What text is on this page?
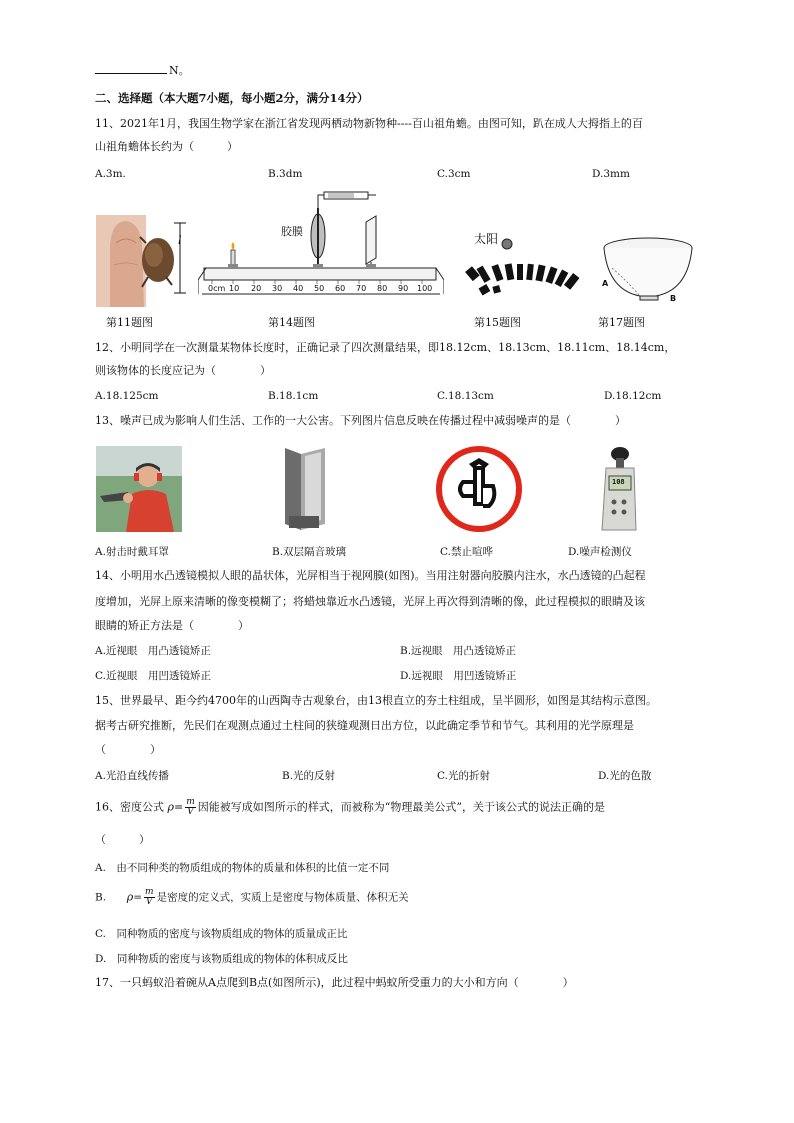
N。
二、选择题（本大题7小题，每小题2分，满分14分）
11、2021年1月，我国生物学家在浙江省发现两栖动物新物种----百山祖角蟾。由图可知，趴在成人大拇指上的百
山祖角蟾体长约为（　　　）
A.3m.	B.3dm	C.3cm	D.3mm
l
胶膜
0cm 10 20 30 40 50 60 70 80 90 100
太阳
A
B
第11题图	第14题图	第15题图	第17题图
12、小明同学在一次测量某物体长度时，正确记录了四次测量结果，即18.12cm、18.13cm、18.11cm、18.14cm，
则该物体的长度应记为（　　　　）
A.18.125cm	B.18.1cm	C.18.13cm	D.18.12cm
13、噪声已成为影响人们生活、工作的一大公害。下列图片信息反映在传播过程中减弱噪声的是（　　　　）
108
A.射击时戴耳罩	B.双层隔音玻璃	C.禁止喧哗	D.噪声检测仪
14、小明用水凸透镜模拟人眼的晶状体，光屏相当于视网膜(如图)。当用注射器向胶膜内注水，水凸透镜的凸起程
度增加，光屏上原来清晰的像变模糊了；将蜡烛靠近水凸透镜，光屏上再次得到清晰的像，此过程模拟的眼睛及该
眼睛的矫正方法是（　　　　）
A.近视眼　用凸透镜矫正	B.远视眼　用凸透镜矫正
C.近视眼　用凹透镜矫正	D.远视眼　用凹透镜矫正
15、世界最早、距今约4700年的山西陶寺古观象台，由13根直立的夯土柱组成，呈半圆形，如图是其结构示意图。
据考古研究推断，先民们在观测点通过土柱间的狭缝观测日出方位，以此确定季节和节气。其利用的光学原理是
（　　　　）
A.光沿直线传播	B.光的反射	C.光的折射	D.光的色散
16、密度公式 $\rho= \frac{m}{V}$ 因能被写成如图所示的样式，而被称为“物理最美公式”，关于该公式的说法正确的是
（　　　）
A.　由不同种类的物质组成的物体的质量和体积的比值一定不同
B. $\rho= \frac{m}{V}$ 是密度的定义式，实质上是密度与物体质量、体积无关
C.　同种物质的密度与该物质组成的物体的质量成正比
D.　同种物质的密度与该物质组成的物体的体积成反比
17、一只蚂蚁沿着碗从A点爬到B点(如图所示)，此过程中蚂蚁所受重力的大小和方向（　　　　）
